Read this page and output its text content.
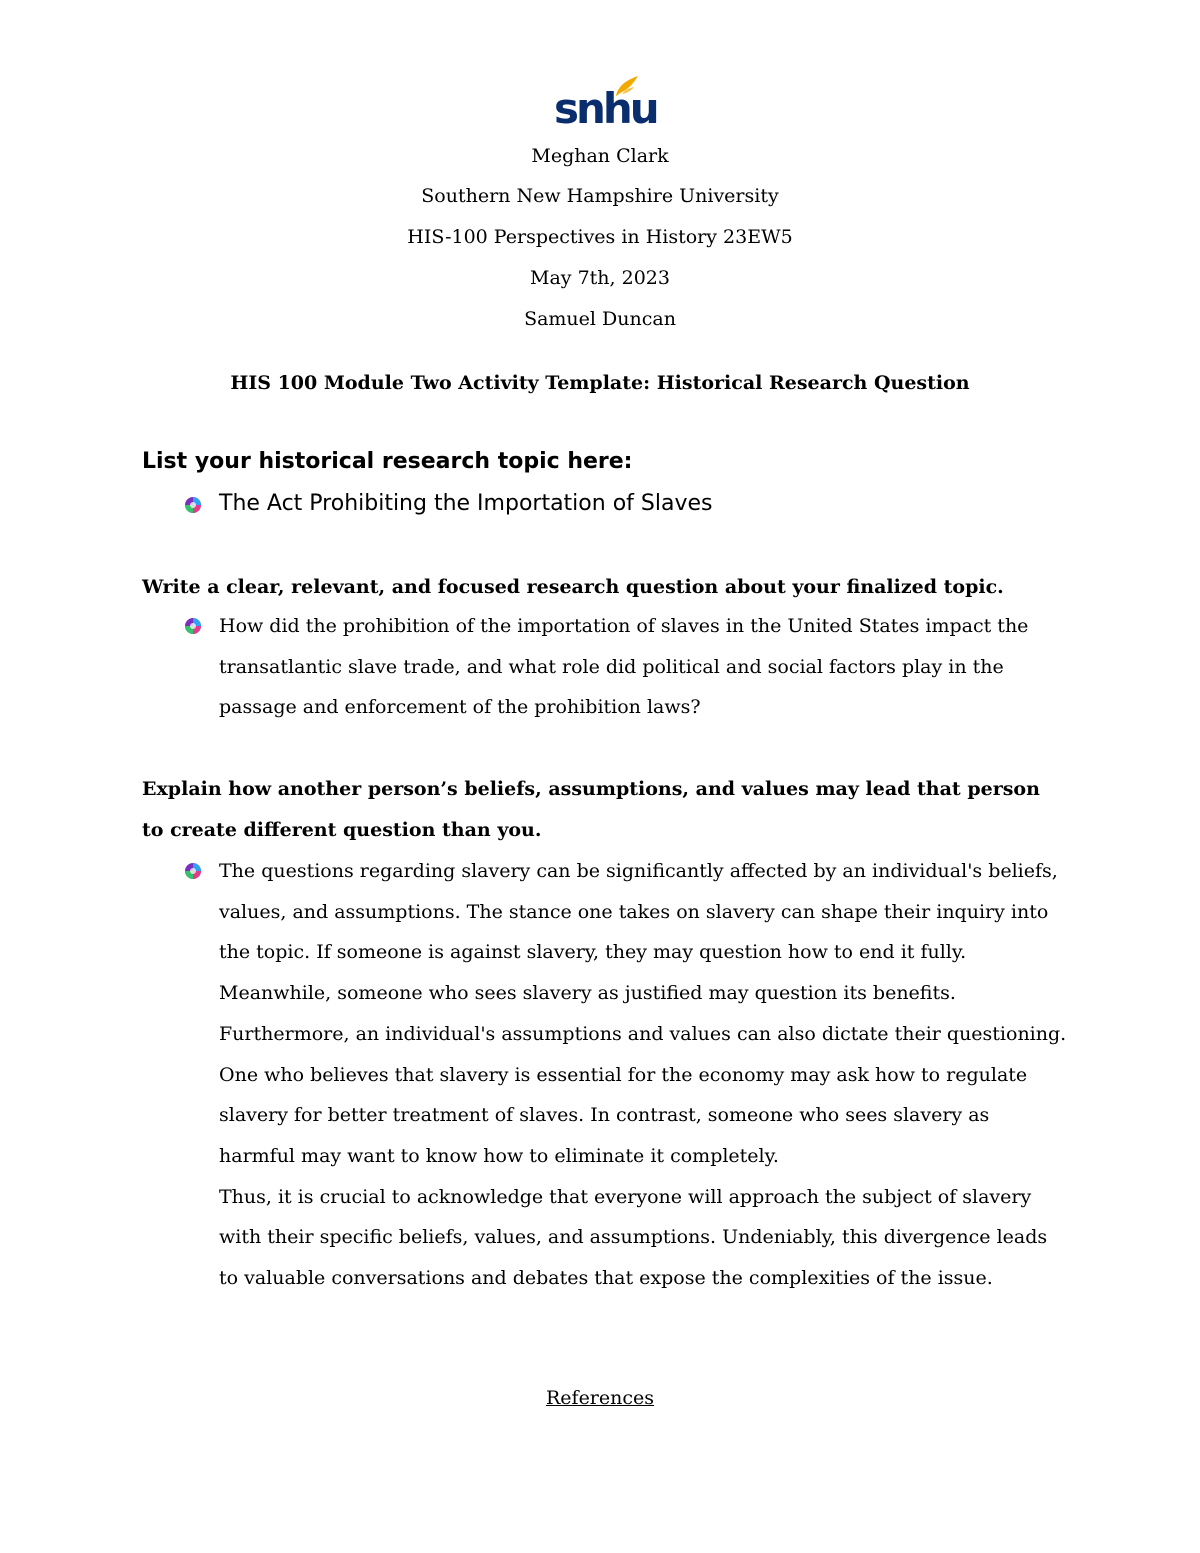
snhu
Meghan Clark
Southern New Hampshire University
HIS-100 Perspectives in History 23EW5
May 7th, 2023
Samuel Duncan
HIS 100 Module Two Activity Template: Historical Research Question
List your historical research topic here:
The Act Prohibiting the Importation of Slaves
Write a clear, relevant, and focused research question about your finalized topic.

How did the prohibition of the importation of slaves in the United States impact the transatlantic slave trade, and what role did political and social factors play in the passage and enforcement of the prohibition laws?

Explain how another person’s beliefs, assumptions, and values may lead that person to create different question than you.

The questions regarding slavery can be significantly affected by an individual's beliefs, values, and assumptions. The stance one takes on slavery can shape their inquiry into the topic. If someone is against slavery, they may question how to end it fully. Meanwhile, someone who sees slavery as justified may question its benefits.

Furthermore, an individual's assumptions and values can also dictate their questioning. One who believes that slavery is essential for the economy may ask how to regulate slavery for better treatment of slaves. In contrast, someone who sees slavery as harmful may want to know how to eliminate it completely.

Thus, it is crucial to acknowledge that everyone will approach the subject of slavery with their specific beliefs, values, and assumptions. Undeniably, this divergence leads to valuable conversations and debates that expose the complexities of the issue.

References
